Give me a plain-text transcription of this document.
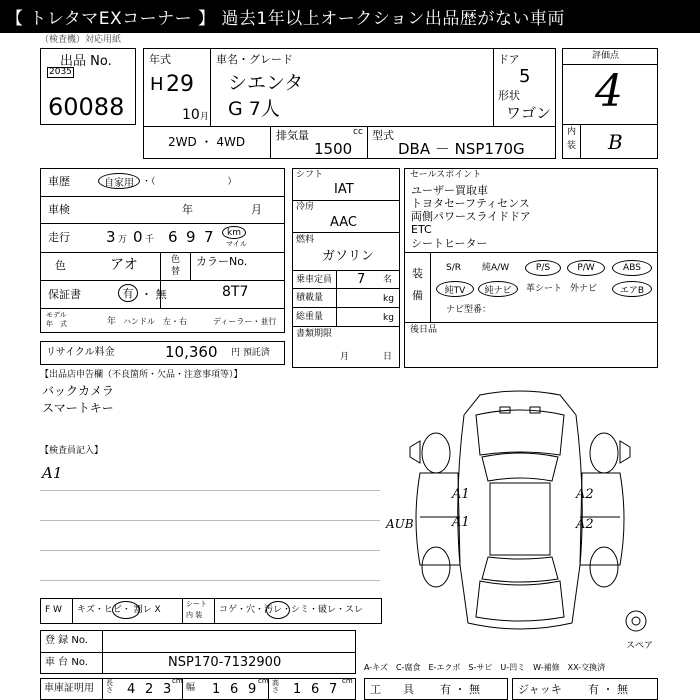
【 トレタマEXコーナー 】 過去1年以上オークション出品歴がない車両
（検査機）対応用紙
出品 No.
2035
60088
年式
H 29
10 月
車名・グレード
シエンタ
G 7人
ドア
5
形状
ワゴン
2WD ・ 4WD	排気量	cc
1500
型式
DBA － NSP170G
評価点
4
内
装 B
車歴	自家用 ・（　　　　　　　　）
車検	年	月
走行 3 万 0 千 6 9 7	km
マイル
色	アオ	色
替
カラーNo.
保証書	有 ・ 無	8T7
モデル
年　式	年 ハンドル　左・右	ディーラー・並行
リサイクル料金	10,360 円 預託済
シフト
IAT
冷房
AAC
燃料
ガソリン
乗車定員 7 名
積載量	kg
総重量	kg
書類期限
月	日
セールスポイント
ユーザー買取車
トヨタセーフティセンス
両側パワースライドドア
ETC
シートヒーター
装
備
S/R 純A/W	P/S	P/W	ABS
純TV	純ナビ	革シート 外ナビ	エアB
ナビ型番：
後日品
【出品店申告欄（不良箇所・欠品・注意事項等）】
バックカメラ
スマートキー
【検査員記入】
A1
A1	A2
A1	A2
AUB
スペア
F W キズ・ヒビ・ 割レ X
シート
内 装 コゲ・穴・汚レ・シミ・破レ・スレ
登 録 No.
車 台 No.	NSP170-7132900	A-キズ　C-腐食　E-エクボ　S-サビ　U-凹ミ　W-補修　XX-交換済
車庫証明用 長さ 4 2 3
cm
幅 1 6 9
cm 高さ 1 6 7
cm
工　　具 有 ・ 無	ジャッキ 有 ・ 無
